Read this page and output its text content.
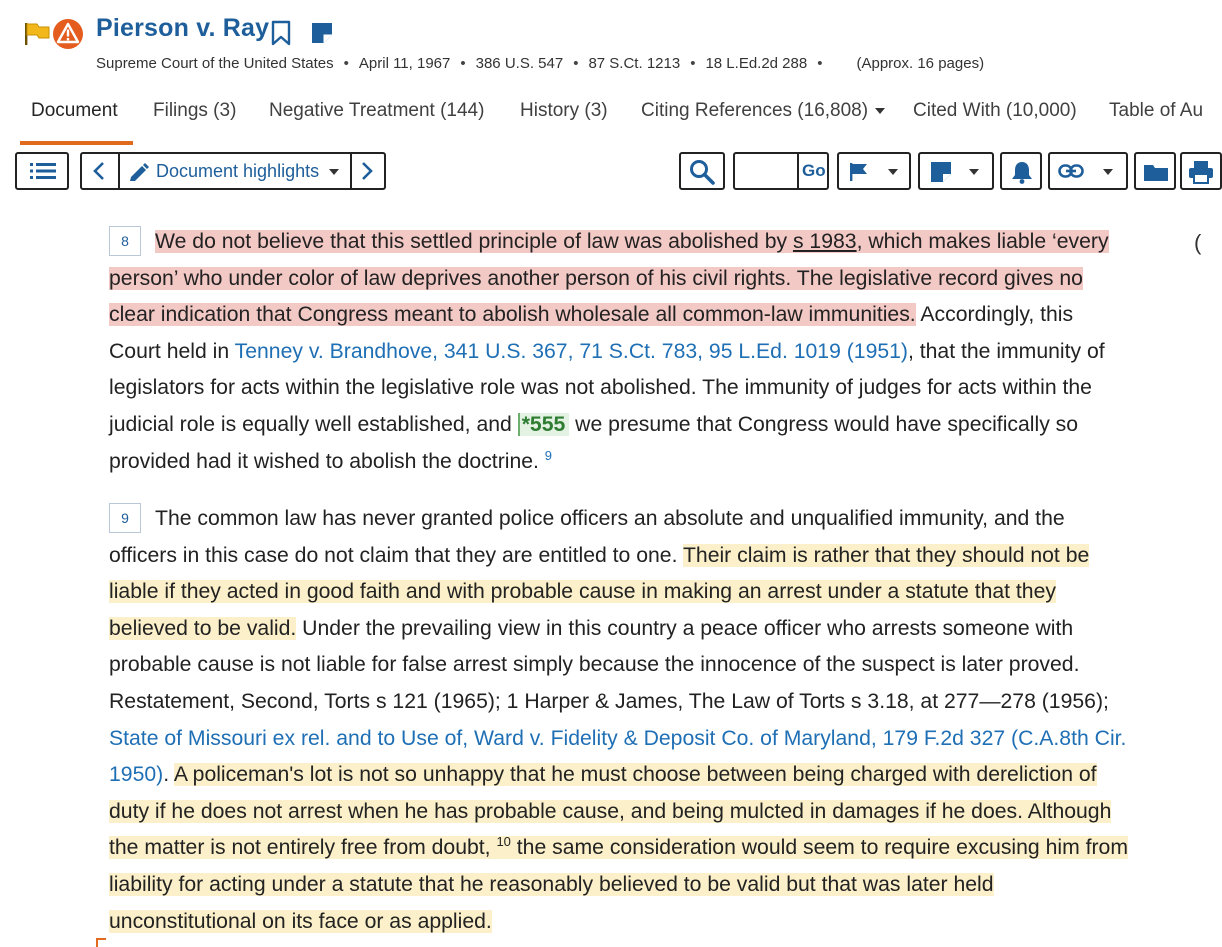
Pierson v. Ray
Supreme Court of the United States • April 11, 1967 • 386 U.S. 547 • 87 S.Ct. 1213 • 18 L.Ed.2d 288 • (Approx. 16 pages)
Document Filings (3) Negative Treatment (144) History (3) Citing References (16,808)	Cited With (10,000) Table of Au
Document highlights	Go

8 We do not believe that this settled principle of law was abolished by s 1983, which makes liable ‘every person’ who under color of law deprives another person of his civil rights. The legislative record gives no clear indication that Congress meant to abolish wholesale all common-law immunities. Accordingly, this Court held in Tenney v. Brandhove, 341 U.S. 367, 71 S.Ct. 783, 95 L.Ed. 1019 (1951), that the immunity of legislators for acts within the legislative role was not abolished. The immunity of judges for acts within the judicial role is equally well established, and *555 we presume that Congress would have specifically so provided had it wished to abolish the doctrine. $^9$

9 The common law has never granted police officers an absolute and unqualified immunity, and the officers in this case do not claim that they are entitled to one. Their claim is rather that they should not be liable if they acted in good faith and with probable cause in making an arrest under a statute that they believed to be valid. Under the prevailing view in this country a peace officer who arrests someone with probable cause is not liable for false arrest simply because the innocence of the suspect is later proved. Restatement, Second, Torts s 121 (1965); 1 Harper & James, The Law of Torts s 3.18, at 277—278 (1956); State of Missouri ex rel. and to Use of, Ward v. Fidelity & Deposit Co. of Maryland, 179 F.2d 327 (C.A.8th Cir. 1950). A policeman's lot is not so unhappy that he must choose between being charged with dereliction of duty if he does not arrest when he has probable cause, and being mulcted in damages if he does. Although the matter is not entirely free from doubt, $^{10}$ the same consideration would seem to require excusing him from liability for acting under a statute that he reasonably believed to be valid but that was later held unconstitutional on its face or as applied.

(
